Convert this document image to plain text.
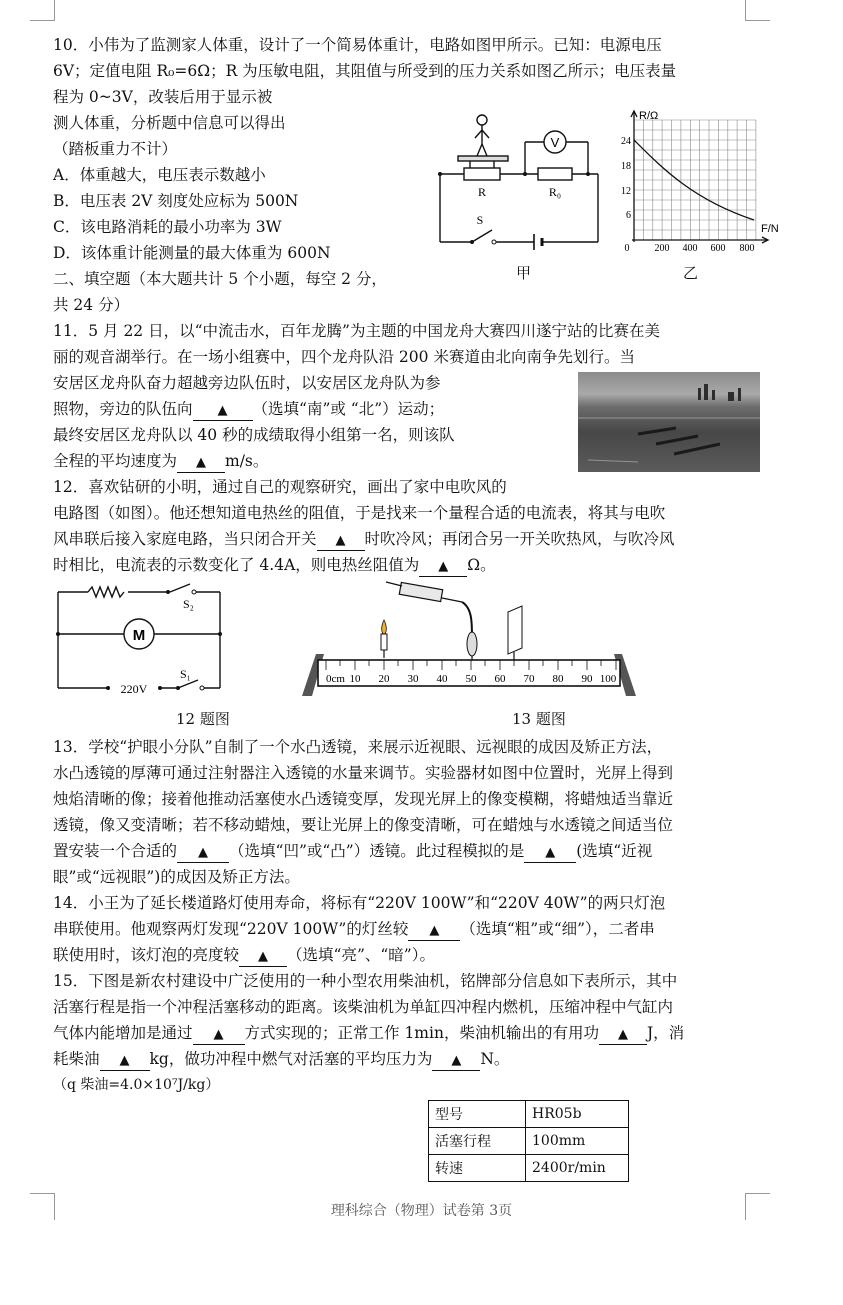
10．小伟为了监测家人体重，设计了一个简易体重计，电路如图甲所示。已知：电源电压
6V；定值电阻 R₀=6Ω；R 为压敏电阻，其阻值与所受到的压力关系如图乙所示；电压表量
程为 0~3V，改装后用于显示被
测人体重，分析题中信息可以得出
（踏板重力不计）
A．体重越大，电压表示数越小
B．电压表 2V 刻度处应标为 500N
C．该电路消耗的最小功率为 3W
D．该体重计能测量的最大体重为 600N
二、填空题（本大题共计 5 个小题，每空 2 分，
共 24 分）
V
R	R₀
S
甲
R/Ω
F/N
24
18
12
6
0	200 400 600 800
乙
11．5 月 22 日，以“中流击水，百年龙腾”为主题的中国龙舟大赛四川遂宁站的比赛在美
丽的观音湖举行。在一场小组赛中，四个龙舟队沿 200 米赛道由北向南争先划行。当
安居区龙舟队奋力超越旁边队伍时，以安居区龙舟队为参
照物，旁边的队伍向 ▲ （选填“南”或 “北”）运动；
最终安居区龙舟队以 40 秒的成绩取得小组第一名，则该队
全程的平均速度为 ▲ m/s。
12．喜欢钻研的小明，通过自己的观察研究，画出了家中电吹风的
电路图（如图）。他还想知道电热丝的阻值，于是找来一个量程合适的电流表，将其与电吹
风串联后接入家庭电路，当只闭合开关 ▲ 时吹冷风；再闭合另一开关吹热风，与吹冷风
时相比，电流表的示数变化了 4.4A，则电热丝阻值为 ▲ Ω。
M
S₂
S₁
220V
12 题图
0cm 10 20 30 40 50 60 70 80 90 100
13 题图
13．学校“护眼小分队”自制了一个水凸透镜，来展示近视眼、远视眼的成因及矫正方法，
水凸透镜的厚薄可通过注射器注入透镜的水量来调节。实验器材如图中位置时，光屏上得到
烛焰清晰的像；接着他推动活塞使水凸透镜变厚，发现光屏上的像变模糊，将蜡烛适当靠近
透镜，像又变清晰；若不移动蜡烛，要让光屏上的像变清晰，可在蜡烛与水透镜之间适当位
置安装一个合适的 ▲ （选填“凹”或“凸”）透镜。此过程模拟的是 ▲ (选填“近视
眼”或“远视眼”)的成因及矫正方法。
14．小王为了延长楼道路灯使用寿命，将标有“220V 100W”和“220V 40W”的两只灯泡
串联使用。他观察两灯发现“220V 100W”的灯丝较 ▲ （选填“粗”或“细”），二者串
联使用时，该灯泡的亮度较 ▲ （选填“亮”、“暗”）。
15．下图是新农村建设中广泛使用的一种小型农用柴油机，铭牌部分信息如下表所示，其中
活塞行程是指一个冲程活塞移动的距离。该柴油机为单缸四冲程内燃机，压缩冲程中气缸内
气体内能增加是通过 ▲ 方式实现的；正常工作 1min，柴油机输出的有用功 ▲ J，消
耗柴油 ▲ kg，做功冲程中燃气对活塞的平均压力为 ▲ N。
（q 柴油=4.0×10⁷J/kg）
型号	HR05b
活塞行程	100mm
转速	2400r/min
理科综合（物理）试卷第 3页
